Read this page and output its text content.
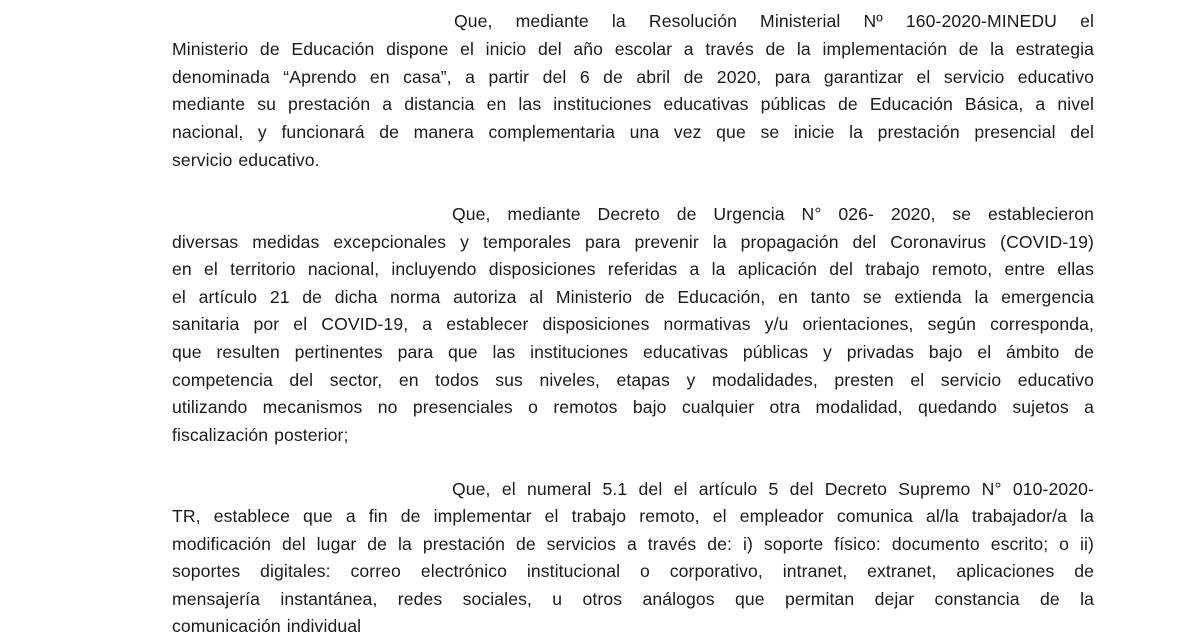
Que, mediante la Resolución Ministerial Nº 160-2020-MINEDU el
Ministerio de Educación dispone el inicio del año escolar a través de la implementación de la estrategia
denominada “Aprendo en casa”, a partir del 6 de abril de 2020, para garantizar el servicio educativo
mediante su prestación a distancia en las instituciones educativas públicas de Educación Básica, a nivel
nacional, y funcionará de manera complementaria una vez que se inicie la prestación presencial del
servicio educativo.
Que, mediante Decreto de Urgencia N° 026- 2020, se establecieron
diversas medidas excepcionales y temporales para prevenir la propagación del Coronavirus (COVID-19)
en el territorio nacional, incluyendo disposiciones referidas a la aplicación del trabajo remoto, entre ellas
el artículo 21 de dicha norma autoriza al Ministerio de Educación, en tanto se extienda la emergencia
sanitaria por el COVID-19, a establecer disposiciones normativas y/u orientaciones, según corresponda,
que resulten pertinentes para que las instituciones educativas públicas y privadas bajo el ámbito de
competencia del sector, en todos sus niveles, etapas y modalidades, presten el servicio educativo
utilizando mecanismos no presenciales o remotos bajo cualquier otra modalidad, quedando sujetos a
fiscalización posterior;
Que, el numeral 5.1 del el artículo 5 del Decreto Supremo N° 010-2020-
TR, establece que a fin de implementar el trabajo remoto, el empleador comunica al/la trabajador/a la
modificación del lugar de la prestación de servicios a través de: i) soporte físico: documento escrito; o ii)
soportes digitales: correo electrónico institucional o corporativo, intranet, extranet, aplicaciones de
mensajería instantánea, redes sociales, u otros análogos que permitan dejar constancia de la
comunicación individual
